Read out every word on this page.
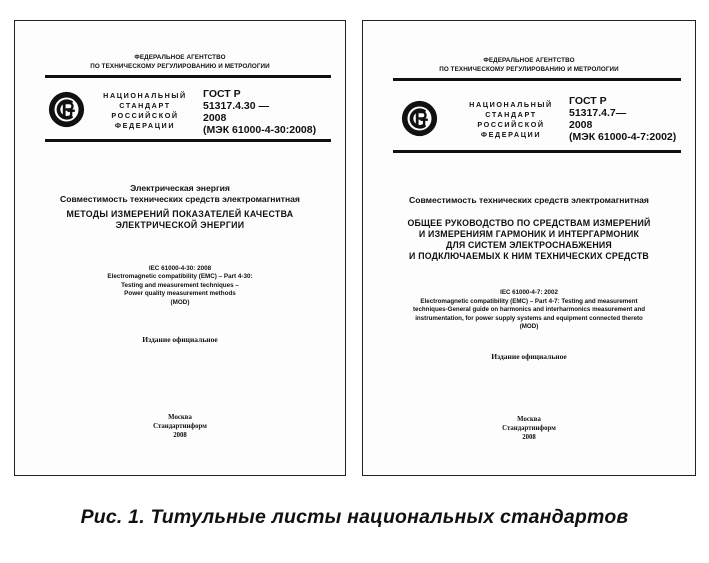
ФЕДЕРАЛЬНОЕ АГЕНТСТВО
ПО ТЕХНИЧЕСКОМУ РЕГУЛИРОВАНИЮ И МЕТРОЛОГИИ
НАЦИОНАЛЬНЫЙ
СТАНДАРТ
РОССИЙСКОЙ
ФЕДЕРАЦИИ
ГОСТ Р
51317.4.30 —
2008
(МЭК 61000-4-30:2008)
Электрическая энергия
Совместимость технических средств электромагнитная
МЕТОДЫ ИЗМЕРЕНИЙ ПОКАЗАТЕЛЕЙ КАЧЕСТВА
ЭЛЕКТРИЧЕСКОЙ ЭНЕРГИИ
IEC 61000-4-30: 2008
Electromagnetic compatibility (EMC) – Part 4-30:
Testing and measurement techniques –
Power quality measurement methods
(MOD)
Издание официальное
Москва
Стандартинформ
2008
ФЕДЕРАЛЬНОЕ АГЕНТСТВО
ПО ТЕХНИЧЕСКОМУ РЕГУЛИРОВАНИЮ И МЕТРОЛОГИИ
НАЦИОНАЛЬНЫЙ
СТАНДАРТ
РОССИЙСКОЙ
ФЕДЕРАЦИИ
ГОСТ Р
51317.4.7—
2008
(МЭК 61000-4-7:2002)
Совместимость технических средств электромагнитная
ОБЩЕЕ РУКОВОДСТВО ПО СРЕДСТВАМ ИЗМЕРЕНИЙ
И ИЗМЕРЕНИЯМ ГАРМОНИК И ИНТЕРГАРМОНИК
ДЛЯ СИСТЕМ ЭЛЕКТРОСНАБЖЕНИЯ
И ПОДКЛЮЧАЕМЫХ К НИМ ТЕХНИЧЕСКИХ СРЕДСТВ
IEC 61000-4-7: 2002
Electromagnetic compatibility (EMC) – Part 4-7: Testing and measurement
techniques-General guide on harmonics and interharmonics measurement and
instrumentation, for power supply systems and equipment connected thereto
(MOD)
Издание официальное
Москва
Стандартинформ
2008
Рис. 1. Титульные листы национальных стандартов
